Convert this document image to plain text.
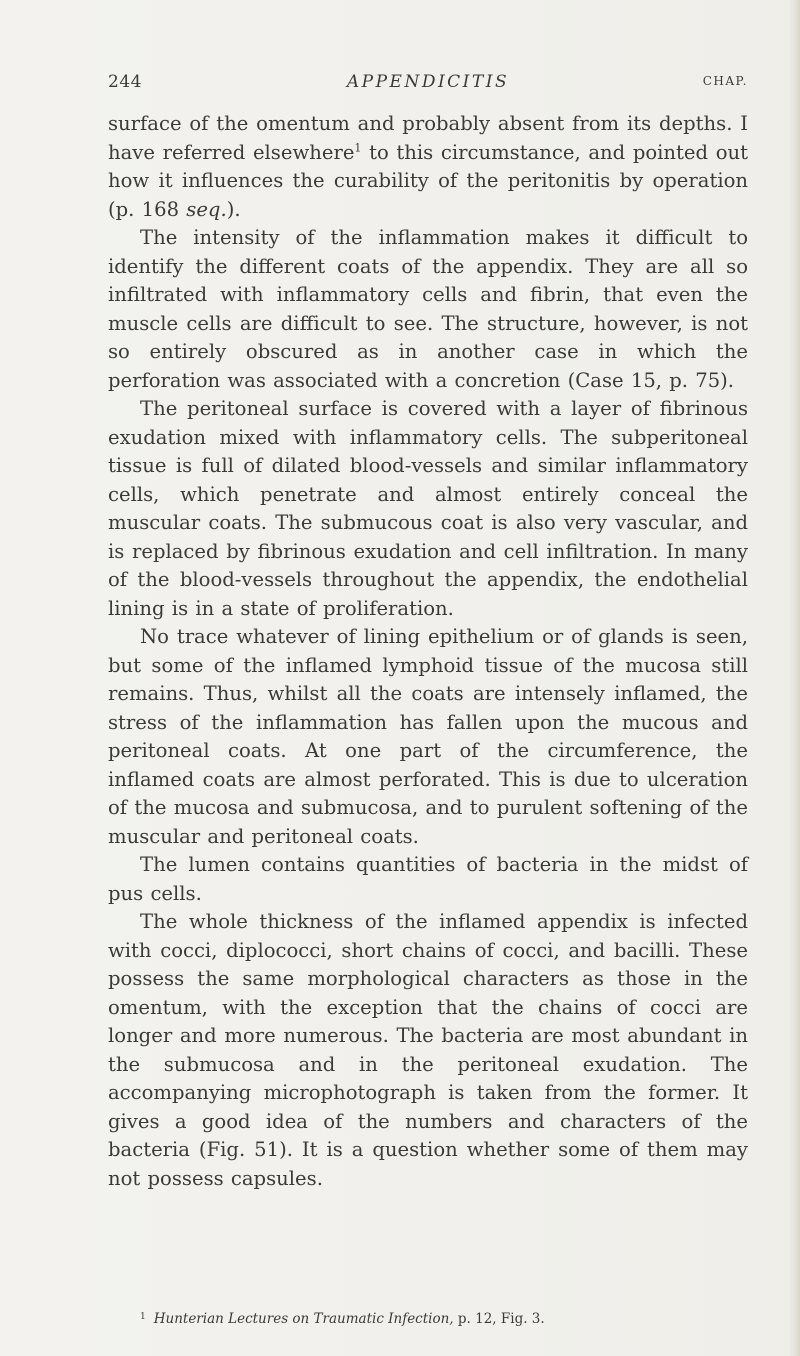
244	APPENDICITIS	CHAP.

surface of the omentum and probably absent from its depths. I have referred elsewhere$^1$ to this circumstance, and pointed out how it influences the curability of the peritonitis by operation (p. 168 seq.).

The intensity of the inflammation makes it difficult to identify the different coats of the appendix. They are all so infiltrated with inflammatory cells and fibrin, that even the muscle cells are difficult to see. The structure, however, is not so entirely obscured as in another case in which the perforation was associated with a concretion (Case 15, p. 75).

The peritoneal surface is covered with a layer of fibrinous exudation mixed with inflammatory cells. The subperitoneal tissue is full of dilated blood-vessels and similar inflammatory cells, which penetrate and almost entirely conceal the muscular coats. The submucous coat is also very vascular, and is replaced by fibrinous exudation and cell infiltration. In many of the blood-vessels throughout the appendix, the endothelial lining is in a state of proliferation.

No trace whatever of lining epithelium or of glands is seen, but some of the inflamed lymphoid tissue of the mucosa still remains. Thus, whilst all the coats are intensely inflamed, the stress of the inflammation has fallen upon the mucous and peritoneal coats. At one part of the circumference, the inflamed coats are almost perforated. This is due to ulceration of the mucosa and submucosa, and to purulent softening of the muscular and peritoneal coats.

The lumen contains quantities of bacteria in the midst of pus cells.

The whole thickness of the inflamed appendix is infected with cocci, diplococci, short chains of cocci, and bacilli. These possess the same morphological characters as those in the omentum, with the exception that the chains of cocci are longer and more numerous. The bacteria are most abundant in the submucosa and in the peritoneal exudation. The accompanying microphotograph is taken from the former. It gives a good idea of the numbers and characters of the bacteria (Fig. 51). It is a question whether some of them may not possess capsules.

$^1$ Hunterian Lectures on Traumatic Infection, p. 12, Fig. 3.
